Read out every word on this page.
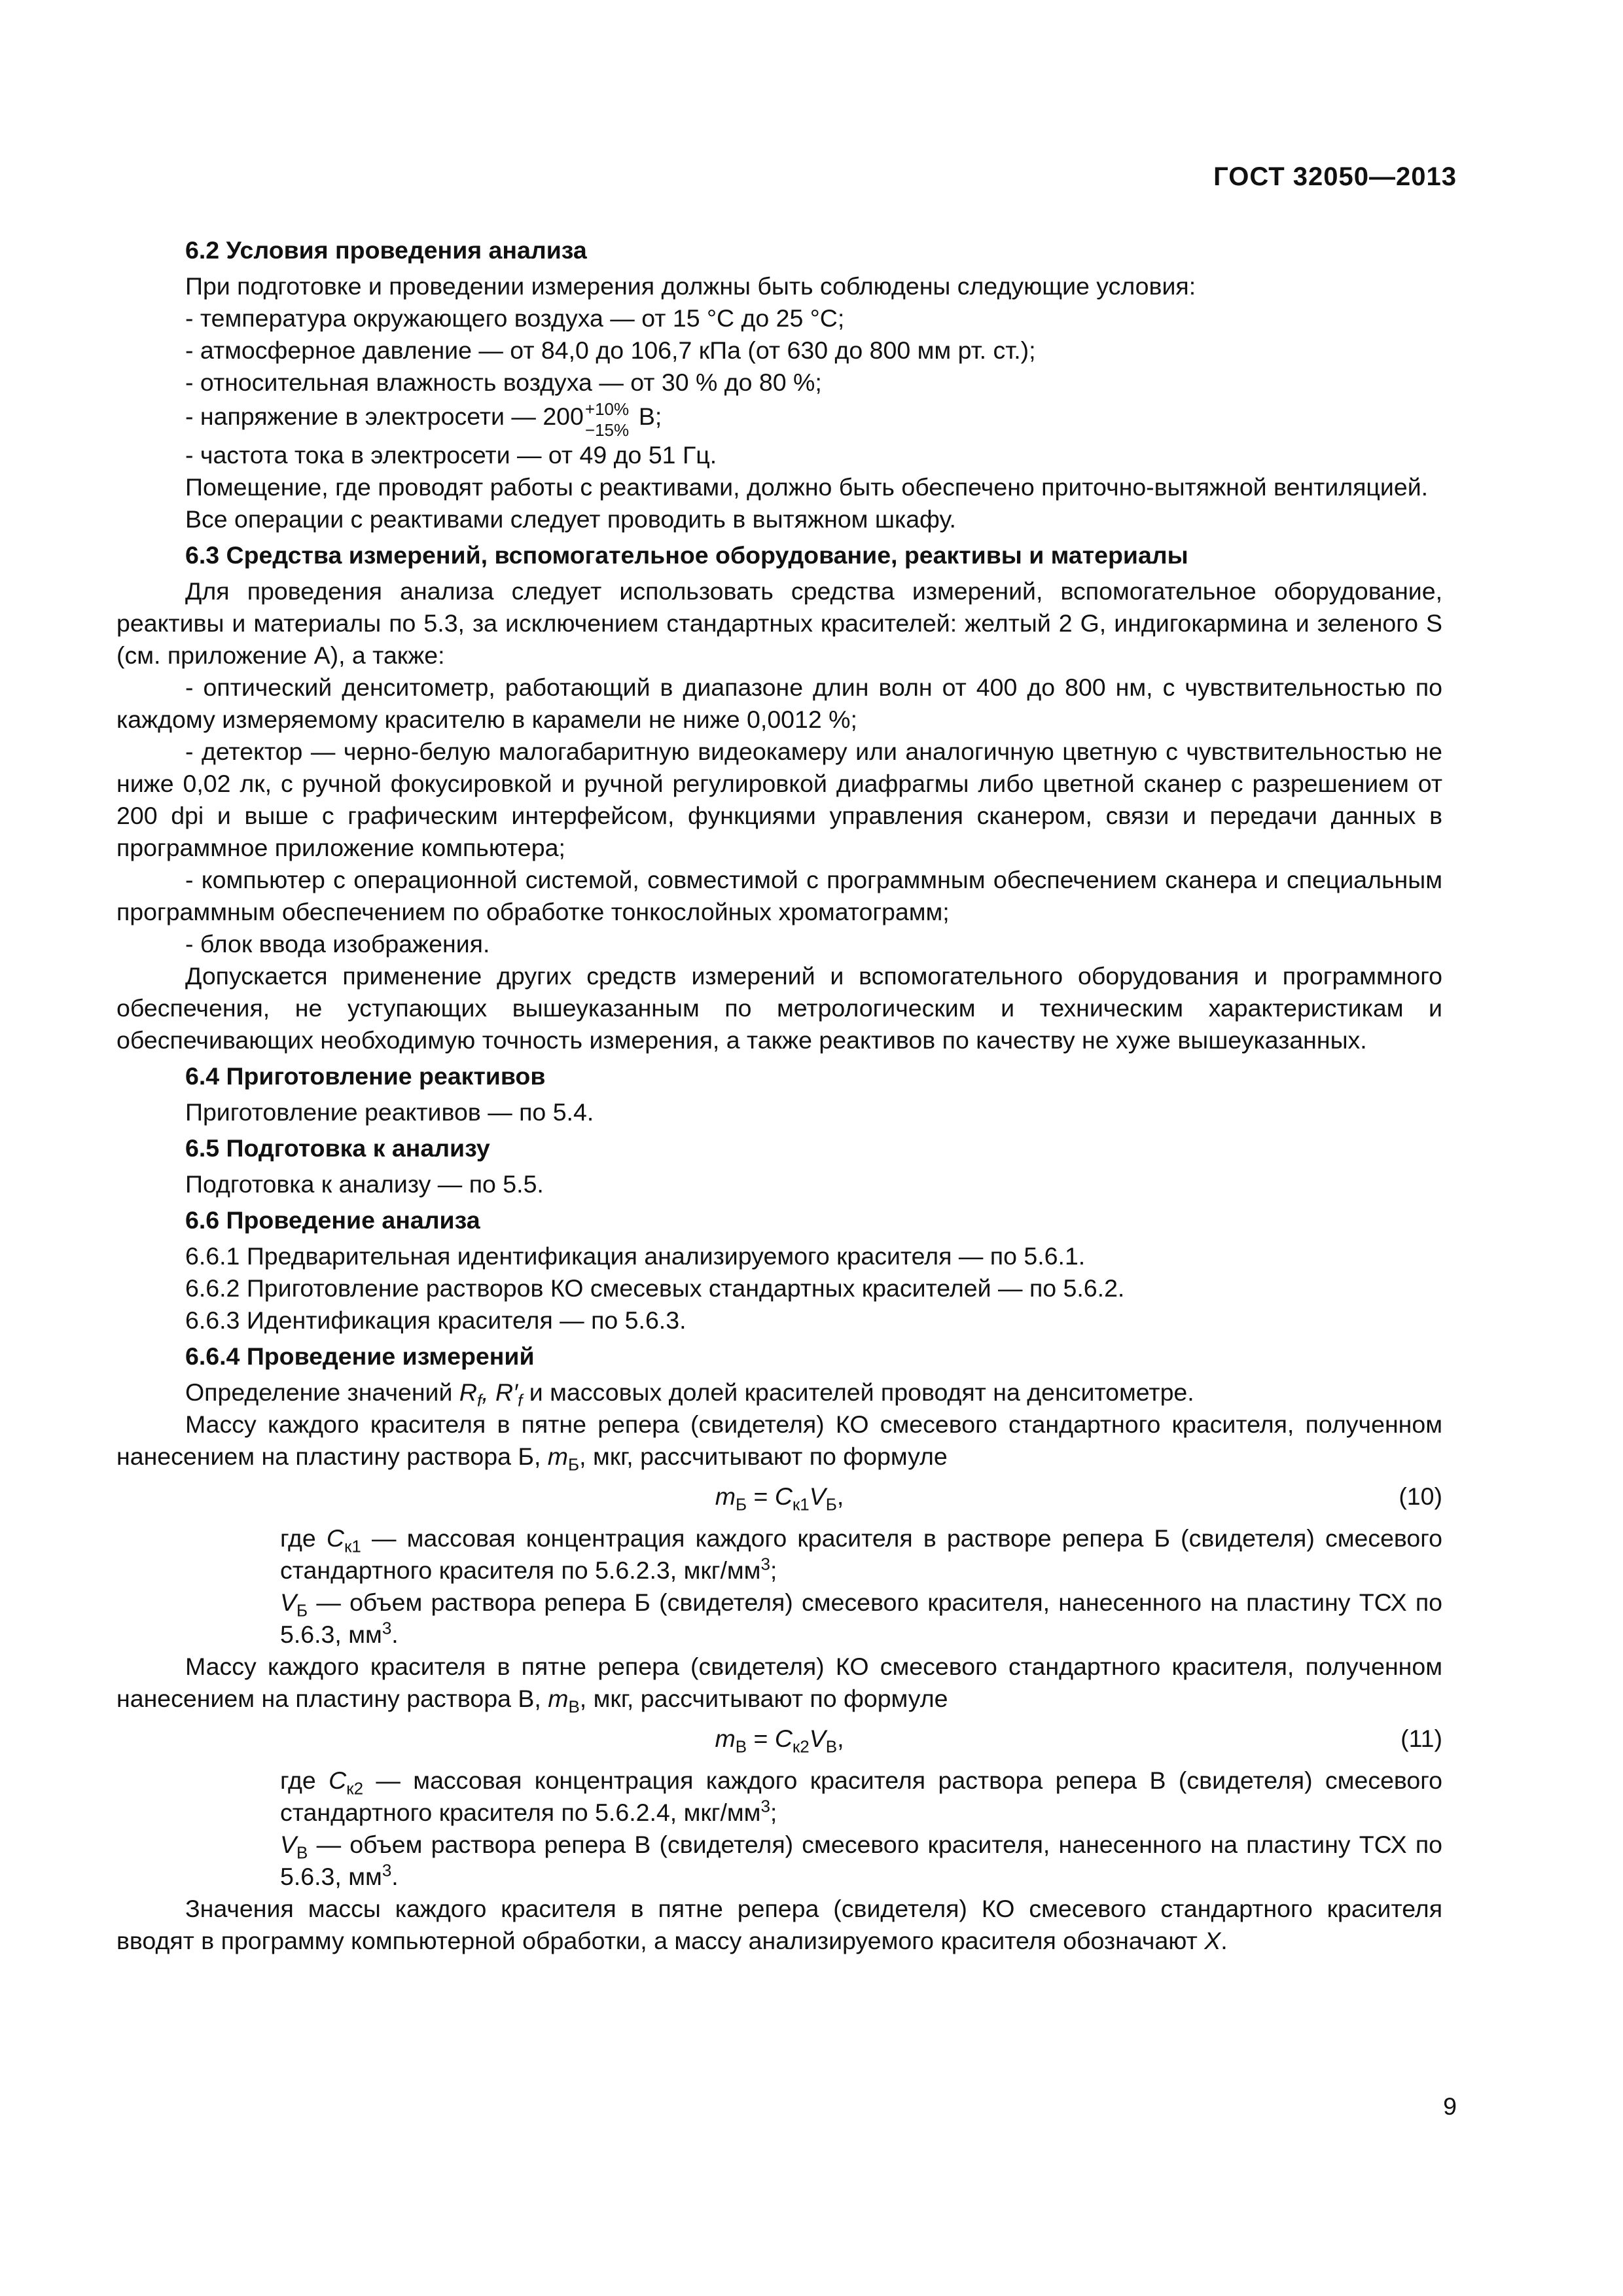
ГОСТ 32050—2013
6.2 Условия проведения анализа

При подготовке и проведении измерения должны быть соблюдены следующие условия:

- температура окружающего воздуха — от 15 °С до 25 °С;

- атмосферное давление — от 84,0 до 106,7 кПа (от 630 до 800 мм рт. ст.);

- относительная влажность воздуха — от 30 % до 80 %;

- напряжение в электросети — 200 +10%
−15%
В;

- частота тока в электросети — от 49 до 51 Гц.

Помещение, где проводят работы с реактивами, должно быть обеспечено приточно-вытяжной вентиляцией.

Все операции с реактивами следует проводить в вытяжном шкафу.

6.3 Средства измерений, вспомогательное оборудование, реактивы и материалы

Для проведения анализа следует использовать средства измерений, вспомогательное оборудование, реактивы и материалы по 5.3, за исключением стандартных красителей: желтый 2 G, индигокармина и зеленого S (см. приложение А), а также:

- оптический денситометр, работающий в диапазоне длин волн от 400 до 800 нм, с чувствительностью по каждому измеряемому красителю в карамели не ниже 0,0012 %;

- детектор — черно-белую малогабаритную видеокамеру или аналогичную цветную с чувствительностью не ниже 0,02 лк, с ручной фокусировкой и ручной регулировкой диафрагмы либо цветной сканер с разрешением от 200 dpi и выше с графическим интерфейсом, функциями управления сканером, связи и передачи данных в программное приложение компьютера;

- компьютер с операционной системой, совместимой с программным обеспечением сканера и специальным программным обеспечением по обработке тонкослойных хроматограмм;

- блок ввода изображения.

Допускается применение других средств измерений и вспомогательного оборудования и программного обеспечения, не уступающих вышеуказанным по метрологическим и техническим характеристикам и обеспечивающих необходимую точность измерения, а также реактивов по качеству не хуже вышеуказанных.

6.4 Приготовление реактивов

Приготовление реактивов — по 5.4.

6.5 Подготовка к анализу

Подготовка к анализу — по 5.5.

6.6 Проведение анализа

6.6.1 Предварительная идентификация анализируемого красителя — по 5.6.1.

6.6.2 Приготовление растворов КО смесевых стандартных красителей — по 5.6.2.

6.6.3 Идентификация красителя — по 5.6.3.

6.6.4 Проведение измерений

Определение значений $R_f$, $R'_f$ и массовых долей красителей проводят на денситометре.

Массу каждого красителя в пятне репера (свидетеля) КО смесевого стандартного красителя, полученном нанесением на пластину раствора Б, $m_Б$, мкг, рассчитывают по формуле

$m_Б = C_{к1}V_Б$,	(10)
где $C_{к1}$ — массовая концентрация каждого красителя в растворе репера Б (свидетеля) смесевого стандартного красителя по 5.6.2.3, мкг/$мм^3$;
$V_Б$ — объем раствора репера Б (свидетеля) смесевого красителя, нанесенного на пластину ТСХ по 5.6.3, $мм^3$.

Массу каждого красителя в пятне репера (свидетеля) КО смесевого стандартного красителя, полученном нанесением на пластину раствора В, $m_В$, мкг, рассчитывают по формуле

$m_В = C_{к2}V_В$,	(11)
где $C_{к2}$ — массовая концентрация каждого красителя раствора репера В (свидетеля) смесевого стандартного красителя по 5.6.2.4, мкг/$мм^3$;
$V_В$ — объем раствора репера В (свидетеля) смесевого красителя, нанесенного на пластину ТСХ по 5.6.3, $мм^3$.

Значения массы каждого красителя в пятне репера (свидетеля) КО смесевого стандартного красителя вводят в программу компьютерной обработки, а массу анализируемого красителя обозначают X.

9
